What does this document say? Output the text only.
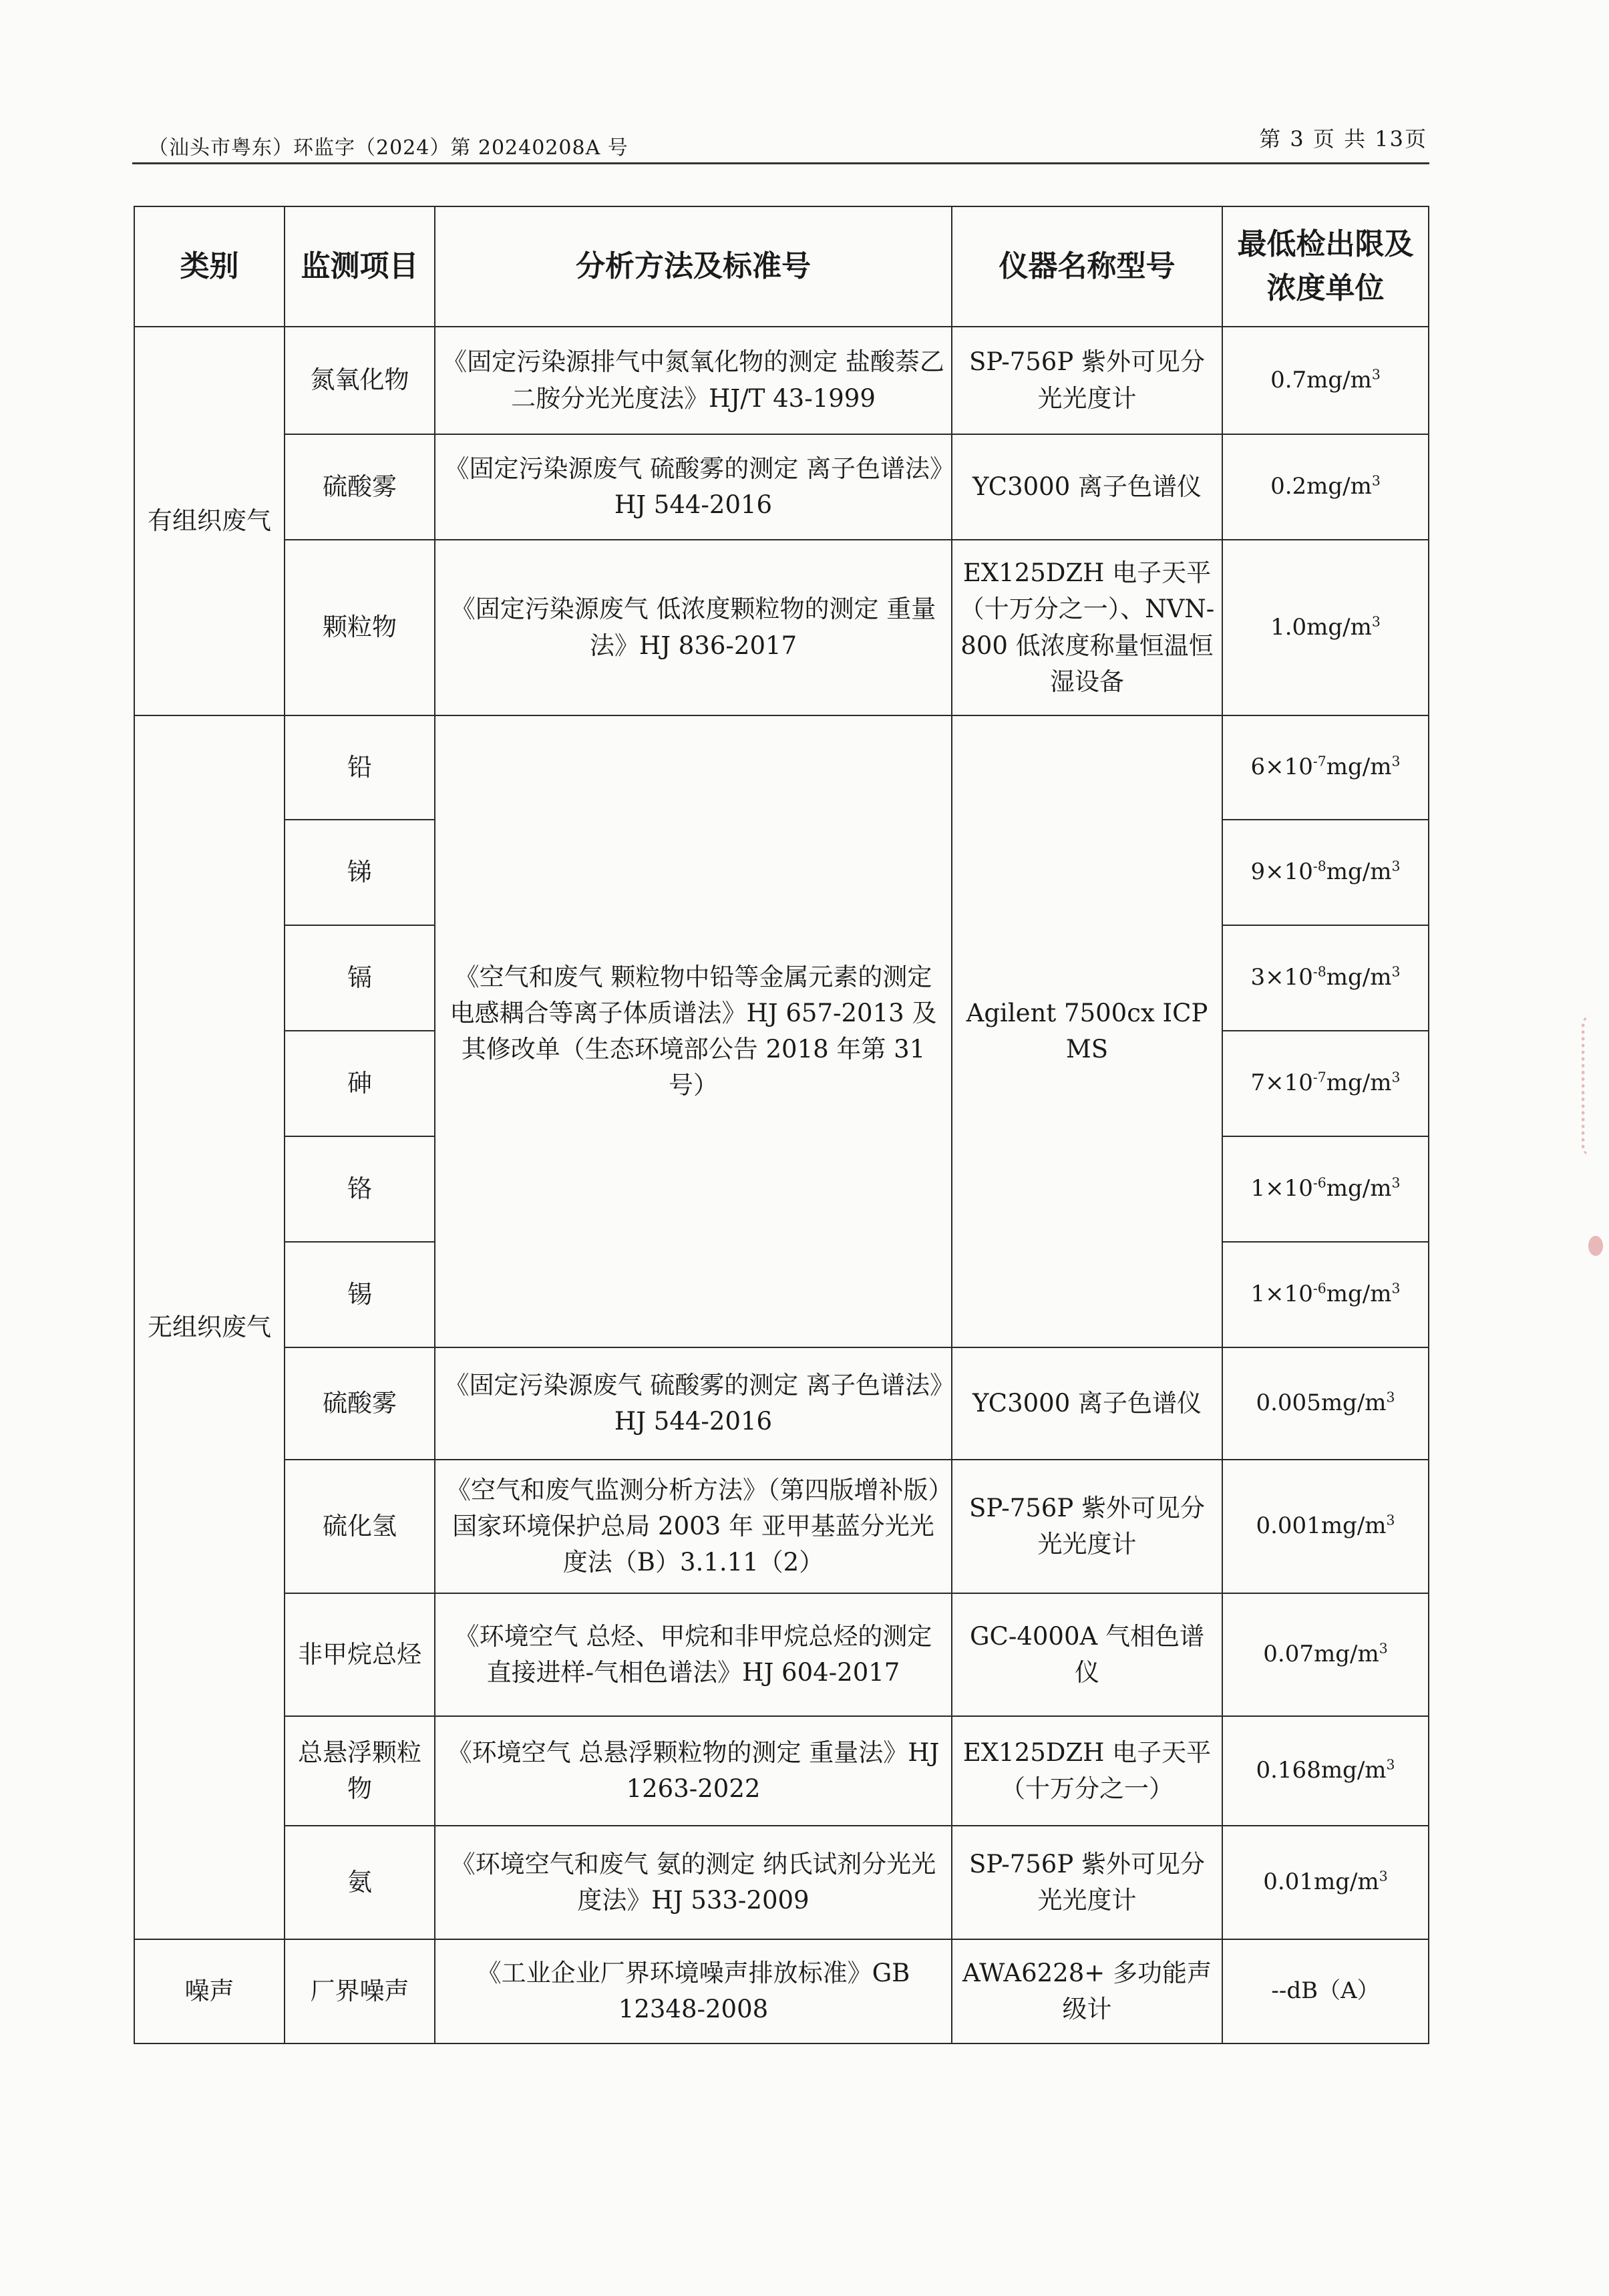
（汕头市粤东）环监字（2024）第 20240208A 号	第 3 页 共 13页
类别	监测项目	分析方法及标准号	仪器名称型号	最低检出限及浓度单位
有组织废气	氮氧化物	《固定污染源排气中氮氧化物的测定 盐酸萘乙二胺分光光度法》HJ/T 43-1999	SP-756P 紫外可见分光光度计	$0.7mg/m^3$
	硫酸雾	《固定污染源废气 硫酸雾的测定 离子色谱法》HJ 544-2016	YC3000 离子色谱仪	$0.2mg/m^3$
	颗粒物	《固定污染源废气 低浓度颗粒物的测定 重量法》HJ 836-2017	EX125DZH 电子天平（十万分之一）、NVN-800 低浓度称量恒温恒湿设备	$1.0mg/m^3$
无组织废气	铅	《空气和废气 颗粒物中铅等金属元素的测定 电感耦合等离子体质谱法》HJ 657-2013 及其修改单（生态环境部公告 2018 年第 31 号）	Agilent 7500cx ICP MS	$6\times 10^{-7}mg/m^3$
	锑			$9\times 10^{-8}mg/m^3$
	镉			$3\times 10^{-8}mg/m^3$
	砷			$7\times 10^{-7}mg/m^3$
	铬			$1\times 10^{-6}mg/m^3$
	锡			$1\times 10^{-6}mg/m^3$
	硫酸雾	《固定污染源废气 硫酸雾的测定 离子色谱法》HJ 544-2016	YC3000 离子色谱仪	$0.005mg/m^3$
	硫化氢	《空气和废气监测分析方法》（第四版增补版）国家环境保护总局 2003 年 亚甲基蓝分光光度法（B）3.1.11（2）	SP-756P 紫外可见分光光度计	$0.001mg/m^3$
	非甲烷总烃	《环境空气 总烃、甲烷和非甲烷总烃的测定 直接进样-气相色谱法》HJ 604-2017	GC-4000A 气相色谱仪	$0.07mg/m^3$
	总悬浮颗粒物	《环境空气 总悬浮颗粒物的测定 重量法》HJ 1263-2022	EX125DZH 电子天平（十万分之一）	$0.168mg/m^3$
	氨	《环境空气和废气 氨的测定 纳氏试剂分光光度法》HJ 533-2009	SP-756P 紫外可见分光光度计	$0.01mg/m^3$
噪声	厂界噪声	《工业企业厂界环境噪声排放标准》GB 12348-2008	AWA6228+ 多功能声级计	--dB（A）
